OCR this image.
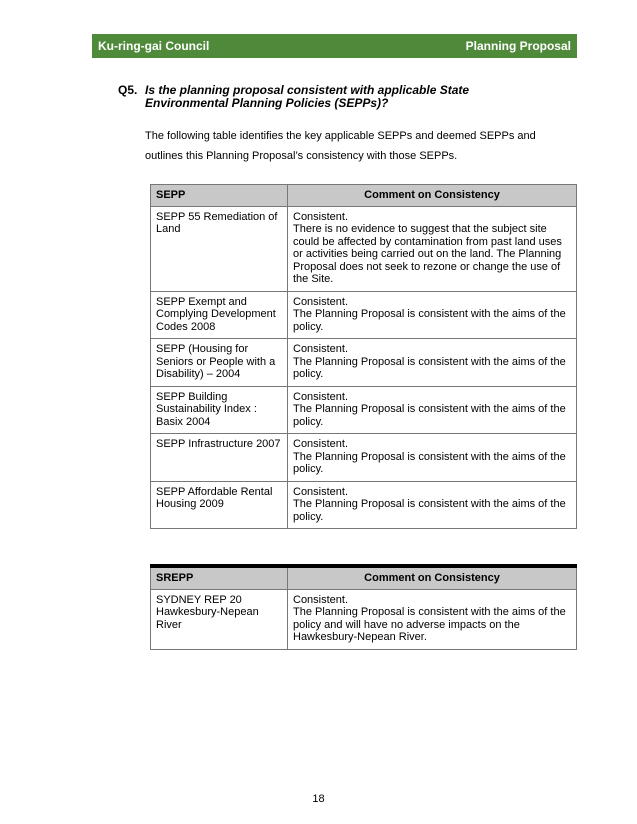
Ku-ring-gai Council	Planning Proposal
Q5. Is the planning proposal consistent with applicable State Environmental Planning Policies (SEPPs)?
The following table identifies the key applicable SEPPs and deemed SEPPs and outlines this Planning Proposal’s consistency with those SEPPs.
SEPP	Comment on Consistency
SEPP 55 Remediation of Land	Consistent.
There is no evidence to suggest that the subject site could be affected by contamination from past land uses or activities being carried out on the land. The Planning Proposal does not seek to rezone or change the use of the Site.

SEPP Exempt and Complying Development Codes 2008	Consistent.
The Planning Proposal is consistent with the aims of the policy.

SEPP (Housing for Seniors or People with a Disability) – 2004	Consistent.
The Planning Proposal is consistent with the aims of the policy.

SEPP Building Sustainability Index : Basix 2004	Consistent.
The Planning Proposal is consistent with the aims of the policy.

SEPP Infrastructure 2007	Consistent.
The Planning Proposal is consistent with the aims of the policy.

SEPP Affordable Rental Housing 2009	Consistent.
The Planning Proposal is consistent with the aims of the policy.
SREPP	Comment on Consistency
SYDNEY REP 20 Hawkesbury-Nepean River	Consistent.
The Planning Proposal is consistent with the aims of the policy and will have no adverse impacts on the Hawkesbury-Nepean River.
18
